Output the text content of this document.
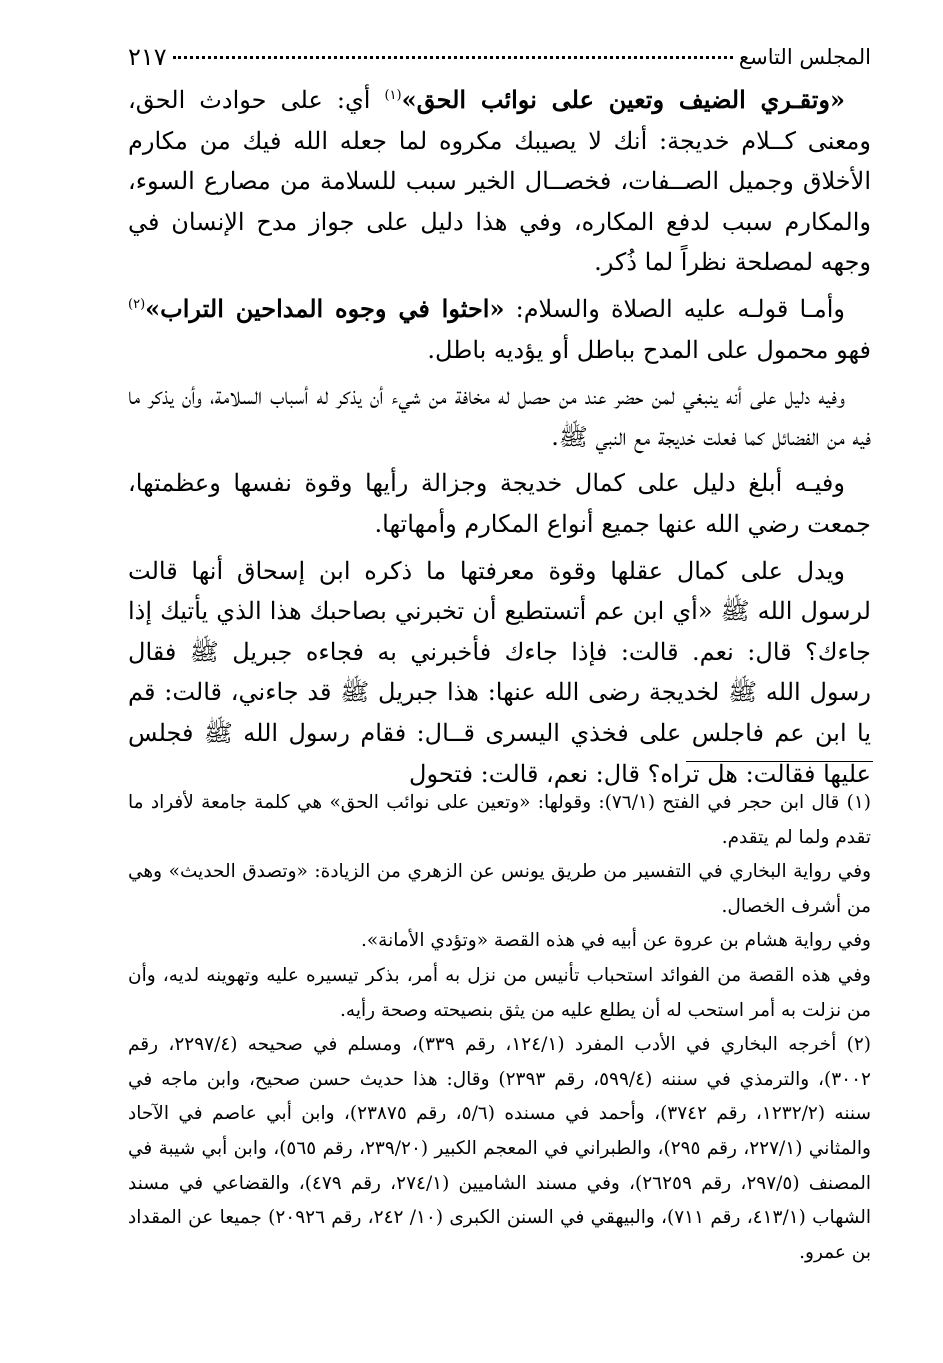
المجلس التاسع
٢١٧

«وتقـري الضيف وتعين على نوائب الحق»$^{(١)}$ أي: على حوادث الحق، ومعنى كــلام خديجة: أنك لا يصيبك مكروه لما جعله الله فيك من مكارم الأخلاق وجميل الصــفات، فخصــال الخير سبب للسلامة من مصارع السوء، والمكارم سبب لدفع المكاره، وفي هذا دليل على جواز مدح الإنسان في وجهه لمصلحة نظراً لما ذُكر.

وأمـا قولـه عليه الصلاة والسلام: «احثوا في وجوه المداحين التراب»$^{(٢)}$ فهو محمول على المدح بباطل أو يؤديه باطل.

وفيه دليل على أنه ينبغي لمن حضر عند من حصل له مخافة من شيء أن يذكر له أسباب السلامة، وأن يذكر ما فيه من الفضائل كما فعلت خديجة مع النبي ﷺ.

وفيـه أبلغ دليل على كمال خديجة وجزالة رأيها وقوة نفسها وعظمتها، جمعت رضي الله عنها جميع أنواع المكارم وأمهاتها.

ويدل على كمال عقلها وقوة معرفتها ما ذكره ابن إسحاق أنها قالت لرسول الله ﷺ «أي ابن عم أتستطيع أن تخبرني بصاحبك هذا الذي يأتيك إذا جاءك؟ قال: نعم. قالت: فإذا جاءك فأخبرني به فجاءه جبريل ﷺ فقال رسول الله ﷺ لخديجة رضى الله عنها: هذا جبريل ﷺ قد جاءني، قالت: قم يا ابن عم فاجلس على فخذي اليسرى قــال: فقام رسول الله ﷺ فجلس عليها فقالت: هل تراه؟ قال: نعم، قالت: فتحول

(١) قال ابن حجر في الفتح (٧٦/١): وقولها: «وتعين على نوائب الحق» هي كلمة جامعة لأفراد ما تقدم ولما لم يتقدم.

وفي رواية البخاري في التفسير من طريق يونس عن الزهري من الزيادة: «وتصدق الحديث» وهي من أشرف الخصال.

وفي رواية هشام بن عروة عن أبيه في هذه القصة «وتؤدي الأمانة».

وفي هذه القصة من الفوائد استحباب تأنيس من نزل به أمر، بذكر تيسيره عليه وتهوينه لديه، وأن من نزلت به أمر استحب له أن يطلع عليه من يثق بنصيحته وصحة رأيه.

(٢) أخرجه البخاري في الأدب المفرد (١٢٤/١، رقم ٣٣٩)، ومسلم في صحيحه (٢٢٩٧/٤، رقم ٣٠٠٢)، والترمذي في سننه (٥٩٩/٤، رقم ٢٣٩٣) وقال: هذا حديث حسن صحيح، وابن ماجه في سننه (١٢٣٢/٢، رقم ٣٧٤٢)، وأحمد في مسنده (٥/٦، رقم ٢٣٨٧٥)، وابن أبي عاصم في الآحاد والمثاني (٢٢٧/١، رقم ٢٩٥)، والطبراني في المعجم الكبير (٢٣٩/٢٠، رقم ٥٦٥)، وابن أبي شيبة في المصنف (٢٩٧/٥، رقم ٢٦٢٥٩)، وفي مسند الشاميين (٢٧٤/١، رقم ٤٧٩)، والقضاعي في مسند الشهاب (٤١٣/١، رقم ٧١١)، والبيهقي في السنن الكبرى (١٠/ ٢٤٢، رقم ٢٠٩٢٦) جميعا عن المقداد بن عمرو.
